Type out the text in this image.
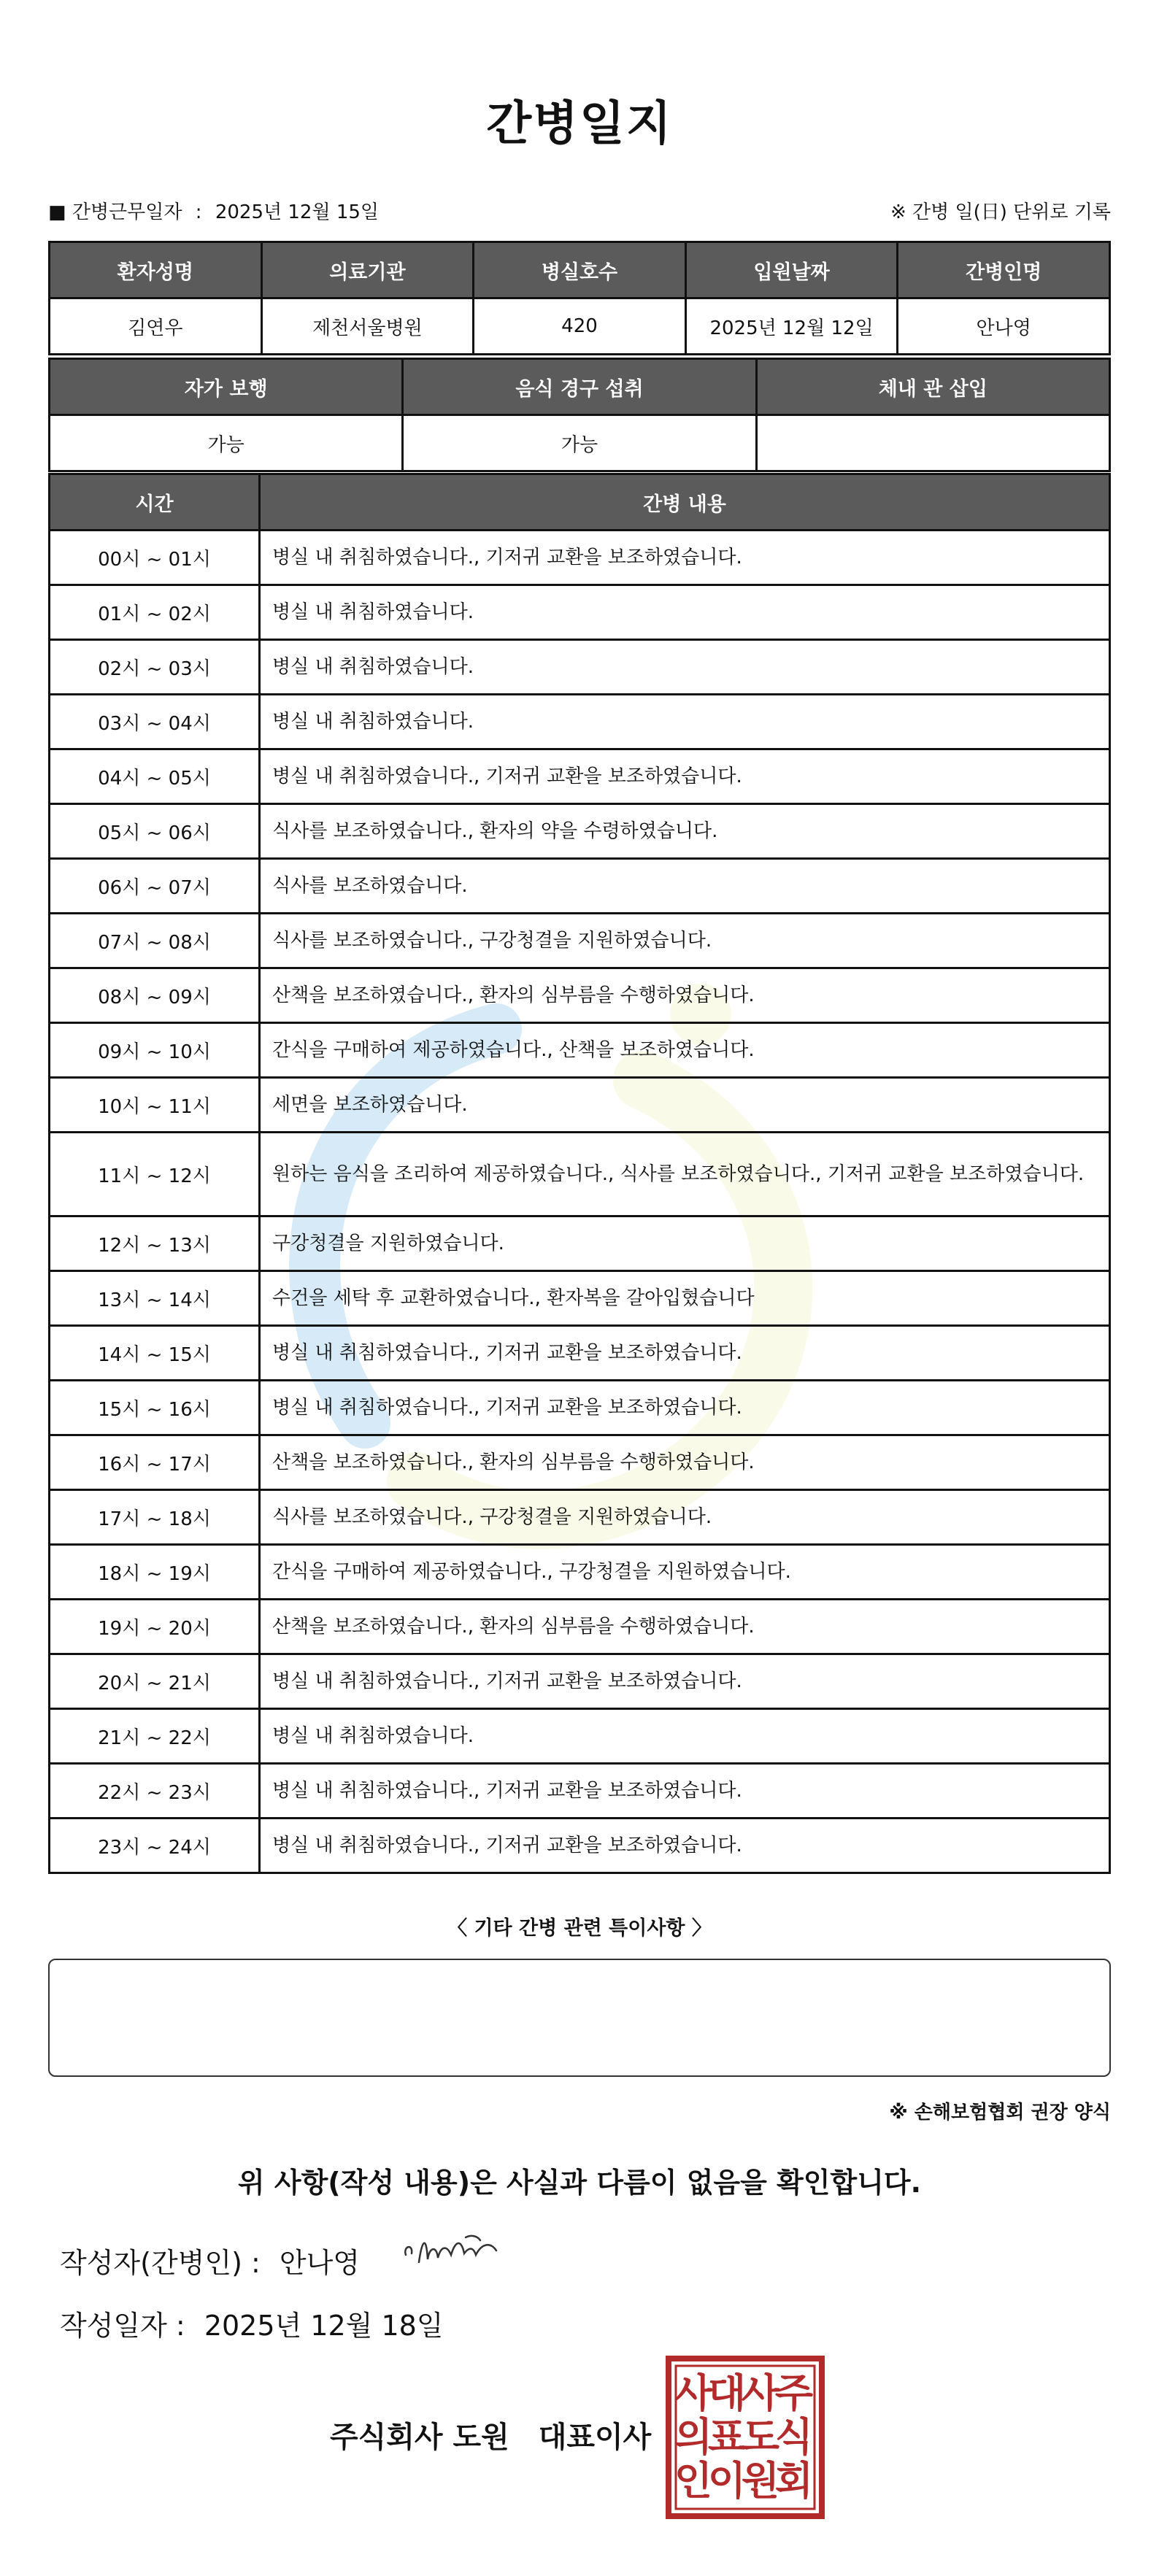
간병일지
■ 간병근무일자 : 2025년 12월 15일	※ 간병 일(日) 단위로 기록
환자성명	의료기관	병실호수	입원날짜	간병인명
김연우	제천서울병원	420	2025년 12월 12일	안나영
자가 보행	음식 경구 섭취	체내 관 삽입
가능	가능	
시간	간병 내용
00시 ~ 01시	병실 내 취침하였습니다., 기저귀 교환을 보조하였습니다.
01시 ~ 02시	병실 내 취침하였습니다.
02시 ~ 03시	병실 내 취침하였습니다.
03시 ~ 04시	병실 내 취침하였습니다.
04시 ~ 05시	병실 내 취침하였습니다., 기저귀 교환을 보조하였습니다.
05시 ~ 06시	식사를 보조하였습니다., 환자의 약을 수령하였습니다.
06시 ~ 07시	식사를 보조하였습니다.
07시 ~ 08시	식사를 보조하였습니다., 구강청결을 지원하였습니다.
08시 ~ 09시	산책을 보조하였습니다., 환자의 심부름을 수행하였습니다.
09시 ~ 10시	간식을 구매하여 제공하였습니다., 산책을 보조하였습니다.
10시 ~ 11시	세면을 보조하였습니다.
11시 ~ 12시	원하는 음식을 조리하여 제공하였습니다., 식사를 보조하였습니다., 기저귀 교환을 보조하였습니다.
12시 ~ 13시	구강청결을 지원하였습니다.
13시 ~ 14시	수건을 세탁 후 교환하였습니다., 환자복을 갈아입혔습니다
14시 ~ 15시	병실 내 취침하였습니다., 기저귀 교환을 보조하였습니다.
15시 ~ 16시	병실 내 취침하였습니다., 기저귀 교환을 보조하였습니다.
16시 ~ 17시	산책을 보조하였습니다., 환자의 심부름을 수행하였습니다.
17시 ~ 18시	식사를 보조하였습니다., 구강청결을 지원하였습니다.
18시 ~ 19시	간식을 구매하여 제공하였습니다., 구강청결을 지원하였습니다.
19시 ~ 20시	산책을 보조하였습니다., 환자의 심부름을 수행하였습니다.
20시 ~ 21시	병실 내 취침하였습니다., 기저귀 교환을 보조하였습니다.
21시 ~ 22시	병실 내 취침하였습니다.
22시 ~ 23시	병실 내 취침하였습니다., 기저귀 교환을 보조하였습니다.
23시 ~ 24시	병실 내 취침하였습니다., 기저귀 교환을 보조하였습니다.
〈 기타 간병 관련 특이사항 〉
※ 손해보험협회 권장 양식
위 사항(작성 내용)은 사실과 다름이 없음을 확인합니다.
작성자(간병인) : 안나영
작성일자 : 2025년 12월 18일
주식회사 도원 대표이사
주
식
회
사
도
원
대
표
이
사
의
인
